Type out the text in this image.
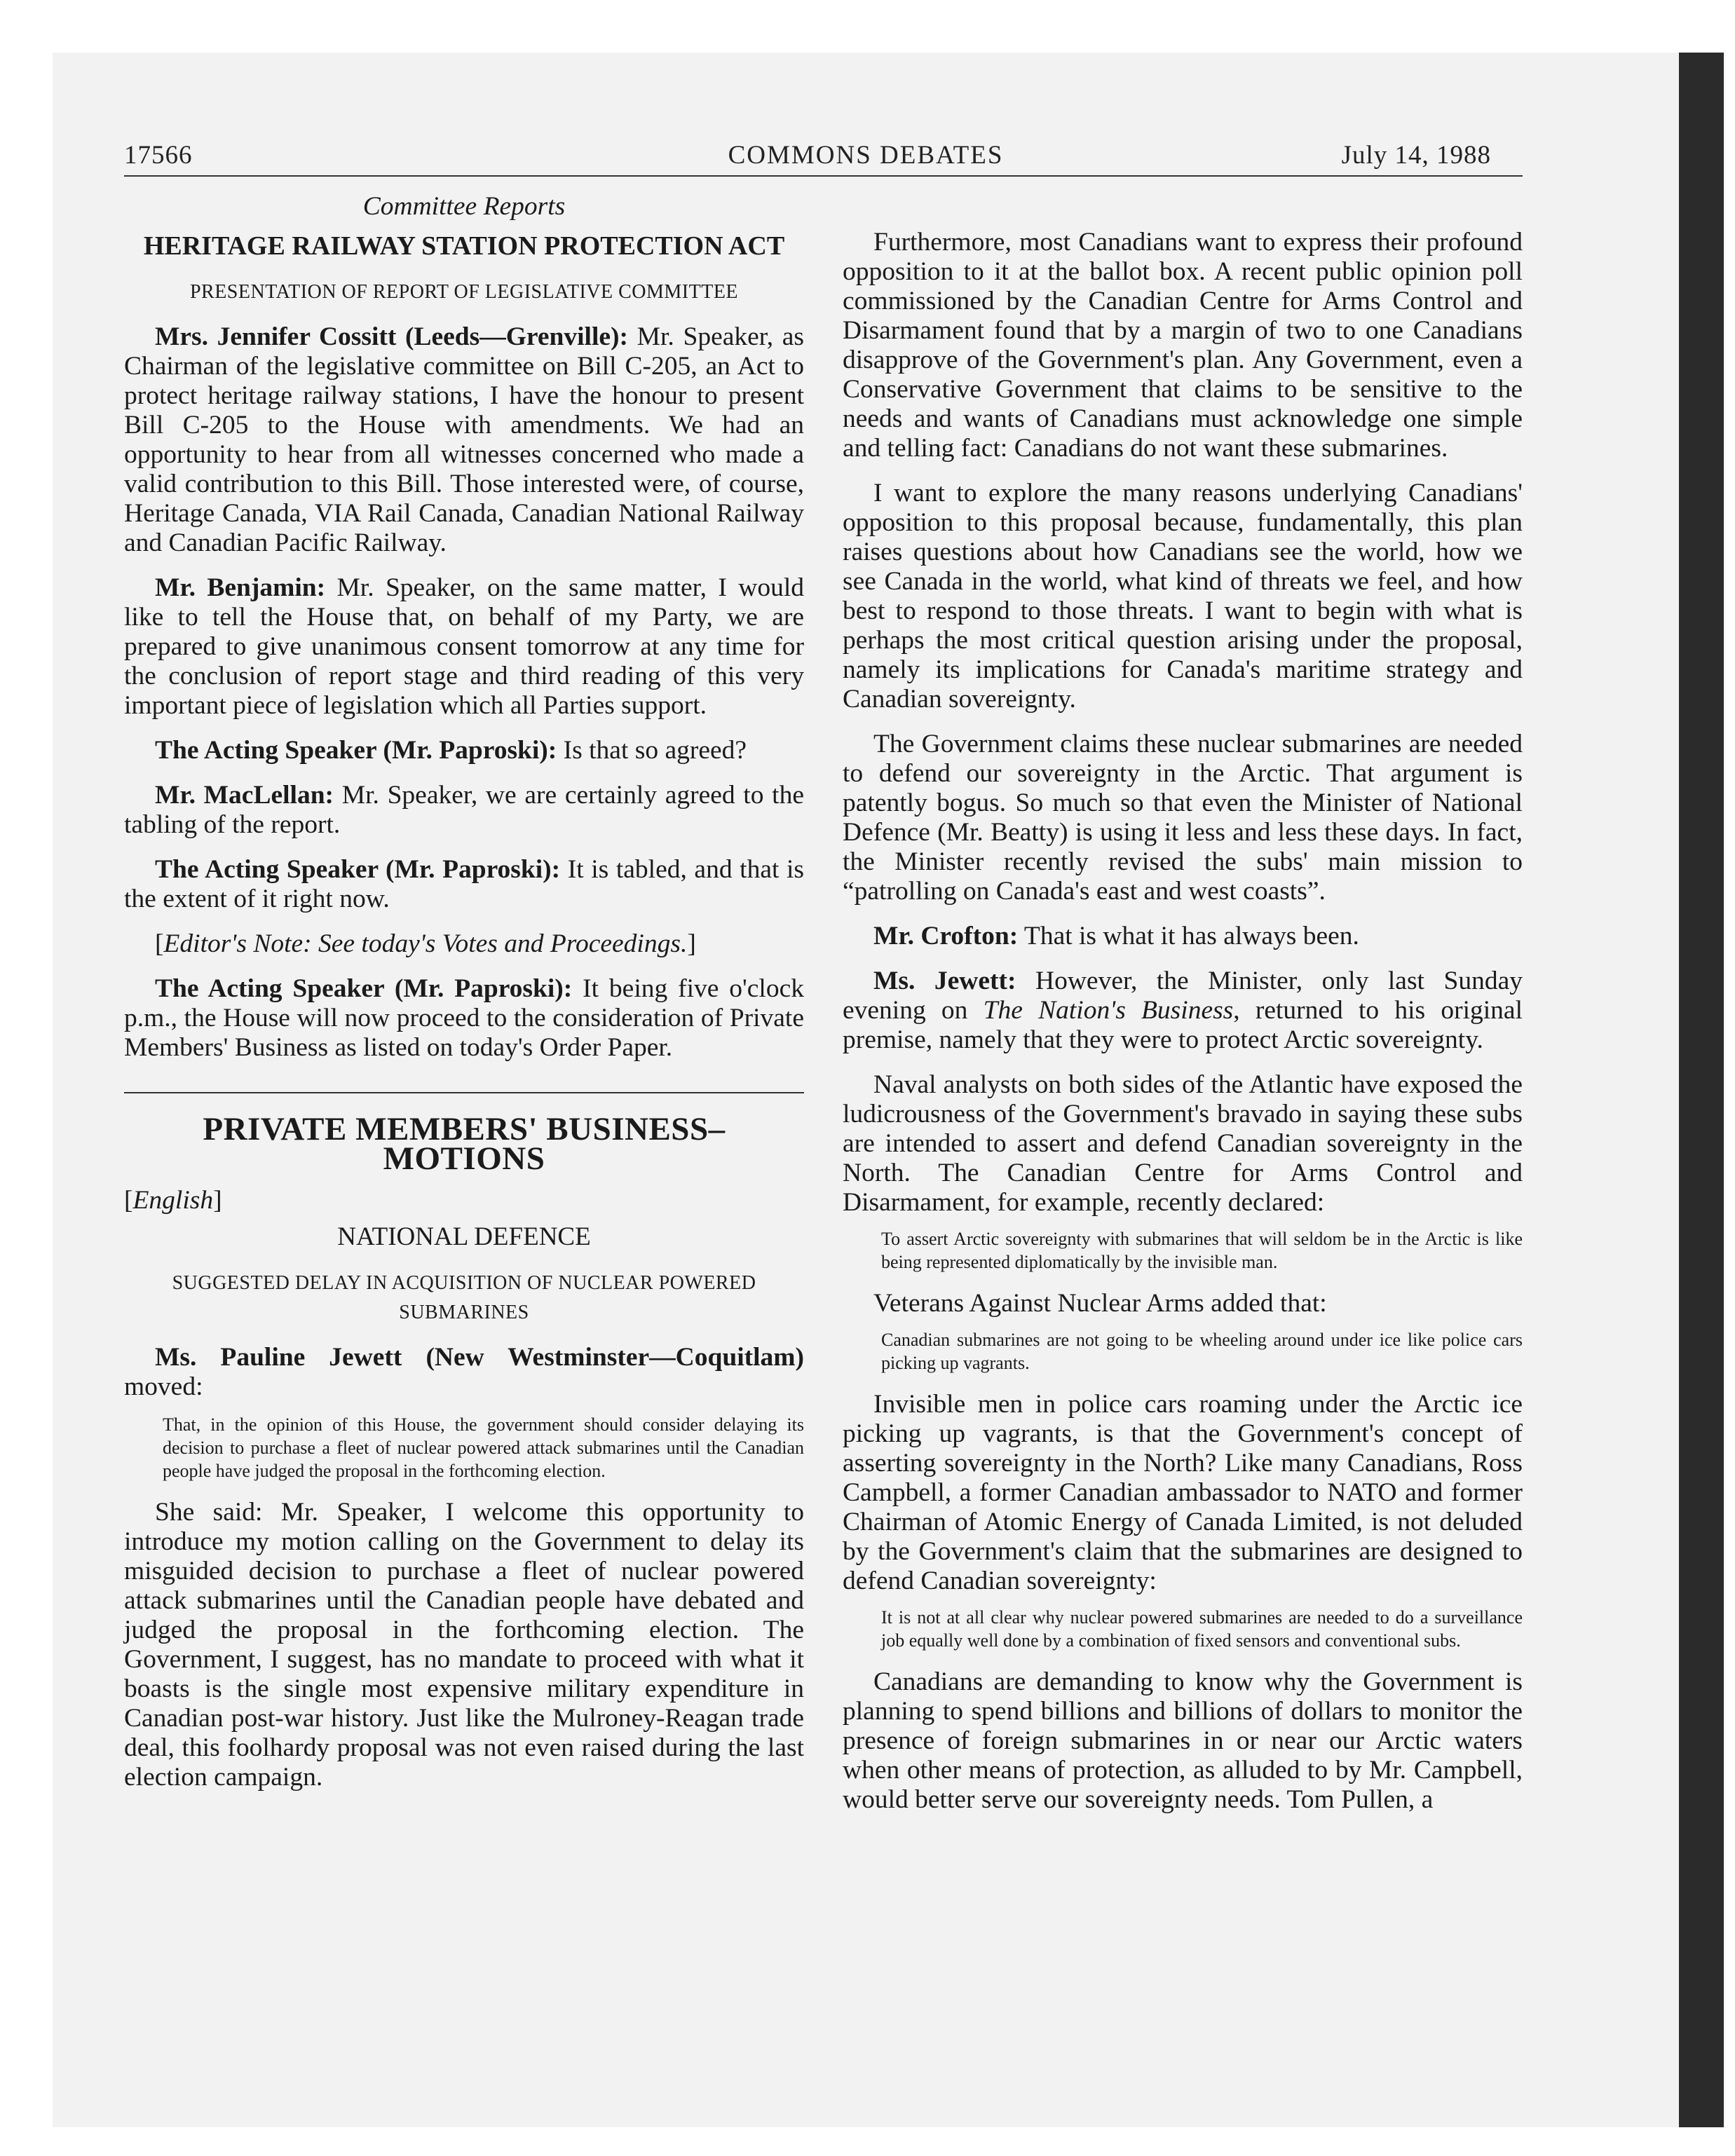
17566	COMMONS DEBATES	July 14, 1988

Committee Reports

HERITAGE RAILWAY STATION PROTECTION ACT

PRESENTATION OF REPORT OF LEGISLATIVE COMMITTEE

Mrs. Jennifer Cossitt (Leeds—Grenville): Mr. Speaker, as Chairman of the legislative committee on Bill C-205, an Act to protect heritage railway stations, I have the honour to present Bill C-205 to the House with amendments. We had an opportunity to hear from all witnesses concerned who made a valid contribution to this Bill. Those interested were, of course, Heritage Canada, VIA Rail Canada, Canadian National Railway and Canadian Pacific Railway.

Mr. Benjamin: Mr. Speaker, on the same matter, I would like to tell the House that, on behalf of my Party, we are prepared to give unanimous consent tomorrow at any time for the conclusion of report stage and third reading of this very important piece of legislation which all Parties support.

The Acting Speaker (Mr. Paproski): Is that so agreed?

Mr. MacLellan: Mr. Speaker, we are certainly agreed to the tabling of the report.

The Acting Speaker (Mr. Paproski): It is tabled, and that is the extent of it right now.

[Editor's Note: See today's Votes and Proceedings.]

The Acting Speaker (Mr. Paproski): It being five o'clock p.m., the House will now proceed to the consideration of Private Members' Business as listed on today's Order Paper.

PRIVATE MEMBERS' BUSINESS–MOTIONS

[English]

NATIONAL DEFENCE

SUGGESTED DELAY IN ACQUISITION OF NUCLEAR POWERED SUBMARINES

Ms. Pauline Jewett (New Westminster—Coquitlam) moved:

That, in the opinion of this House, the government should consider delaying its decision to purchase a fleet of nuclear powered attack submarines until the Canadian people have judged the proposal in the forthcoming election.

She said: Mr. Speaker, I welcome this opportunity to introduce my motion calling on the Government to delay its misguided decision to purchase a fleet of nuclear powered attack submarines until the Canadian people have debated and judged the proposal in the forthcoming election. The Government, I suggest, has no mandate to proceed with what it boasts is the single most expensive military expenditure in Canadian post-war history. Just like the Mulroney-Reagan trade deal, this foolhardy proposal was not even raised during the last election campaign.

Furthermore, most Canadians want to express their profound opposition to it at the ballot box. A recent public opinion poll commissioned by the Canadian Centre for Arms Control and Disarmament found that by a margin of two to one Canadians disapprove of the Government's plan. Any Government, even a Conservative Government that claims to be sensitive to the needs and wants of Canadians must acknowledge one simple and telling fact: Canadians do not want these submarines.

I want to explore the many reasons underlying Canadians' opposition to this proposal because, fundamentally, this plan raises questions about how Canadians see the world, how we see Canada in the world, what kind of threats we feel, and how best to respond to those threats. I want to begin with what is perhaps the most critical question arising under the proposal, namely its implications for Canada's maritime strategy and Canadian sovereignty.

The Government claims these nuclear submarines are needed to defend our sovereignty in the Arctic. That argument is patently bogus. So much so that even the Minister of National Defence (Mr. Beatty) is using it less and less these days. In fact, the Minister recently revised the subs' main mission to “patrolling on Canada's east and west coasts”.

Mr. Crofton: That is what it has always been.

Ms. Jewett: However, the Minister, only last Sunday evening on The Nation's Business, returned to his original premise, namely that they were to protect Arctic sovereignty.

Naval analysts on both sides of the Atlantic have exposed the ludicrousness of the Government's bravado in saying these subs are intended to assert and defend Canadian sovereignty in the North. The Canadian Centre for Arms Control and Disarmament, for example, recently declared:

To assert Arctic sovereignty with submarines that will seldom be in the Arctic is like being represented diplomatically by the invisible man.

Veterans Against Nuclear Arms added that:

Canadian submarines are not going to be wheeling around under ice like police cars picking up vagrants.

Invisible men in police cars roaming under the Arctic ice picking up vagrants, is that the Government's concept of asserting sovereignty in the North? Like many Canadians, Ross Campbell, a former Canadian ambassador to NATO and former Chairman of Atomic Energy of Canada Limited, is not deluded by the Government's claim that the submarines are designed to defend Canadian sovereignty:

It is not at all clear why nuclear powered submarines are needed to do a surveillance job equally well done by a combination of fixed sensors and conventional subs.

Canadians are demanding to know why the Government is planning to spend billions and billions of dollars to monitor the presence of foreign submarines in or near our Arctic waters when other means of protection, as alluded to by Mr. Campbell, would better serve our sovereignty needs. Tom Pullen, a
